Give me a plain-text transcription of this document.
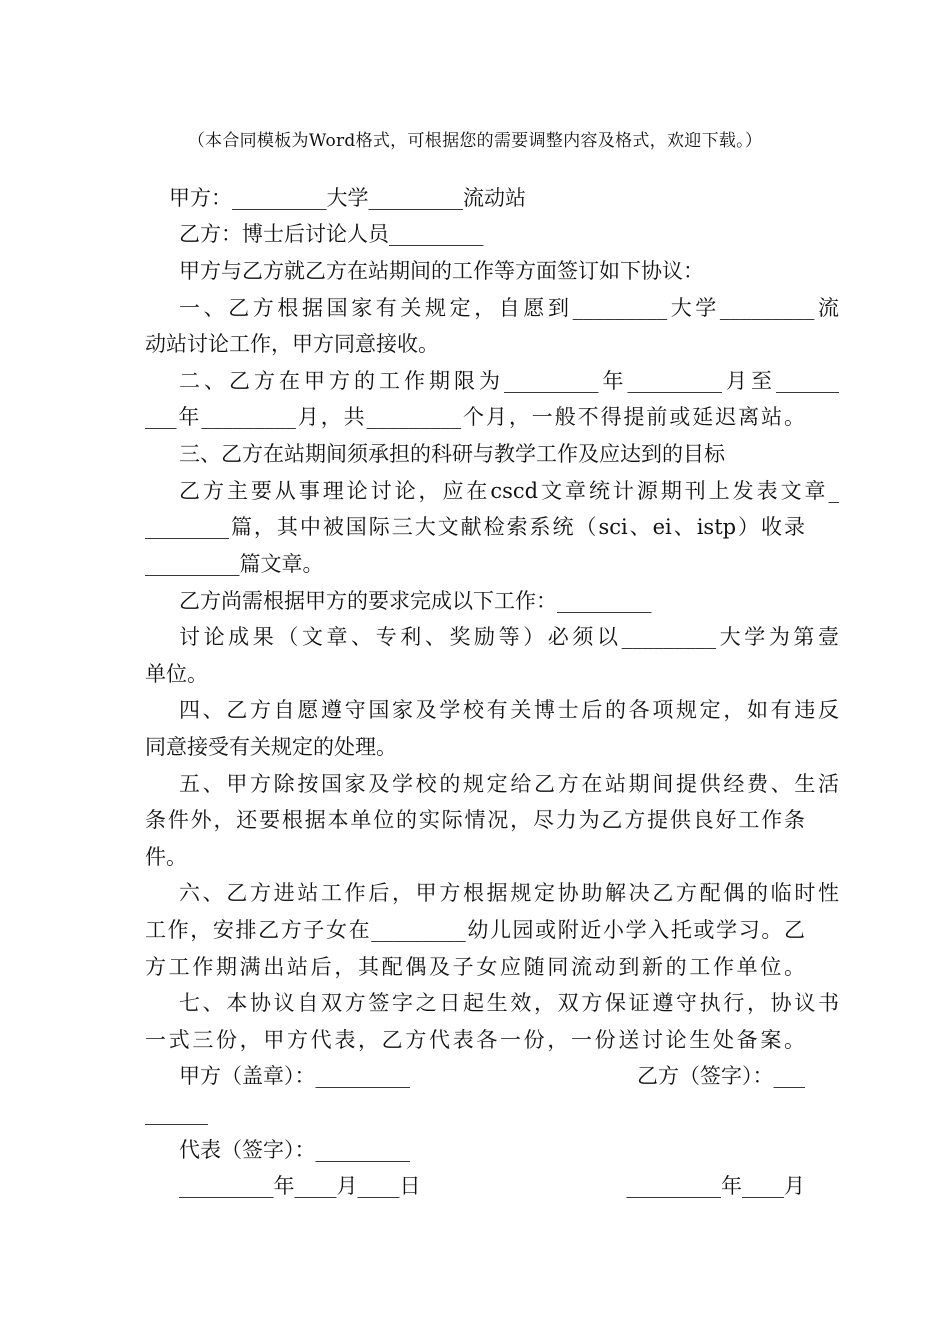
（本合同模板为Word格式，可根据您的需要调整内容及格式，欢迎下载。）
甲方：_________大学_________流动站
乙方：博士后讨论人员_________
甲方与乙方就乙方在站期间的工作等方面签订如下协议：
一、乙方根据国家有关规定，自愿到_________大学_________流
动站讨论工作，甲方同意接收。
二、乙方在甲方的工作期限为_________年_________月至______
___年_________月，共_________个月，一般不得提前或延迟离站。
三、乙方在站期间须承担的科研与教学工作及应达到的目标
乙方主要从事理论讨论，应在cscd文章统计源期刊上发表文章_
________篇，其中被国际三大文献检索系统（sci、ei、istp）收录
_________篇文章。
乙方尚需根据甲方的要求完成以下工作：_________
讨论成果（文章、专利、奖励等）必须以_________大学为第壹
单位。
四、乙方自愿遵守国家及学校有关博士后的各项规定，如有违反
同意接受有关规定的处理。
五、甲方除按国家及学校的规定给乙方在站期间提供经费、生活
条件外，还要根据本单位的实际情况，尽力为乙方提供良好工作条
件。
六、乙方进站工作后，甲方根据规定协助解决乙方配偶的临时性
工作，安排乙方子女在_________幼儿园或附近小学入托或学习。乙
方工作期满出站后，其配偶及子女应随同流动到新的工作单位。
七、本协议自双方签字之日起生效，双方保证遵守执行，协议书
一式三份，甲方代表，乙方代表各一份，一份送讨论生处备案。
甲方（盖章）：_________	乙方（签字）：___
______
代表（签字）：_________
_________年____月____日	_________年____月
